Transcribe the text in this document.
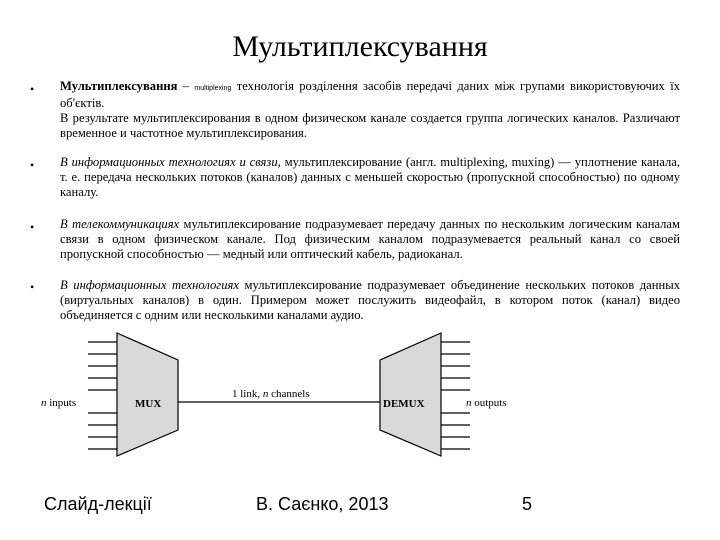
Мультиплексування
• Мультиплексування – multiplexing технологія розділення засобів передачі даних між групами використовуючих їх об'єктів.
В результате мультиплексирования в одном физическом канале создается группа логических каналов. Различают временное и частотное мультиплексирования.
• В информационных технологиях и связи, мультиплексирование (англ. multiplexing, muxing) — уплотнение канала, т. е. передача нескольких потоков (каналов) данных с меньшей скоростью (пропускной способностью) по одному каналу.
• В телекоммуникациях мультиплексирование подразумевает передачу данных по нескольким логическим каналам связи в одном физическом канале. Под физическим каналом подразумевается реальный канал со своей пропускной способностью — медный или оптический кабель, радиоканал.
• В информационных технологиях мультиплексирование подразумевает объединение нескольких потоков данных (виртуальных каналов) в один. Примером может послужить видеофайл, в котором поток (канал) видео объединяется с одним или несколькими каналами аудио.
MUX
n inputs
1 link, n channels
DEMUX	n outputs
Слайд-лекції	В. Саєнко, 2013	5
